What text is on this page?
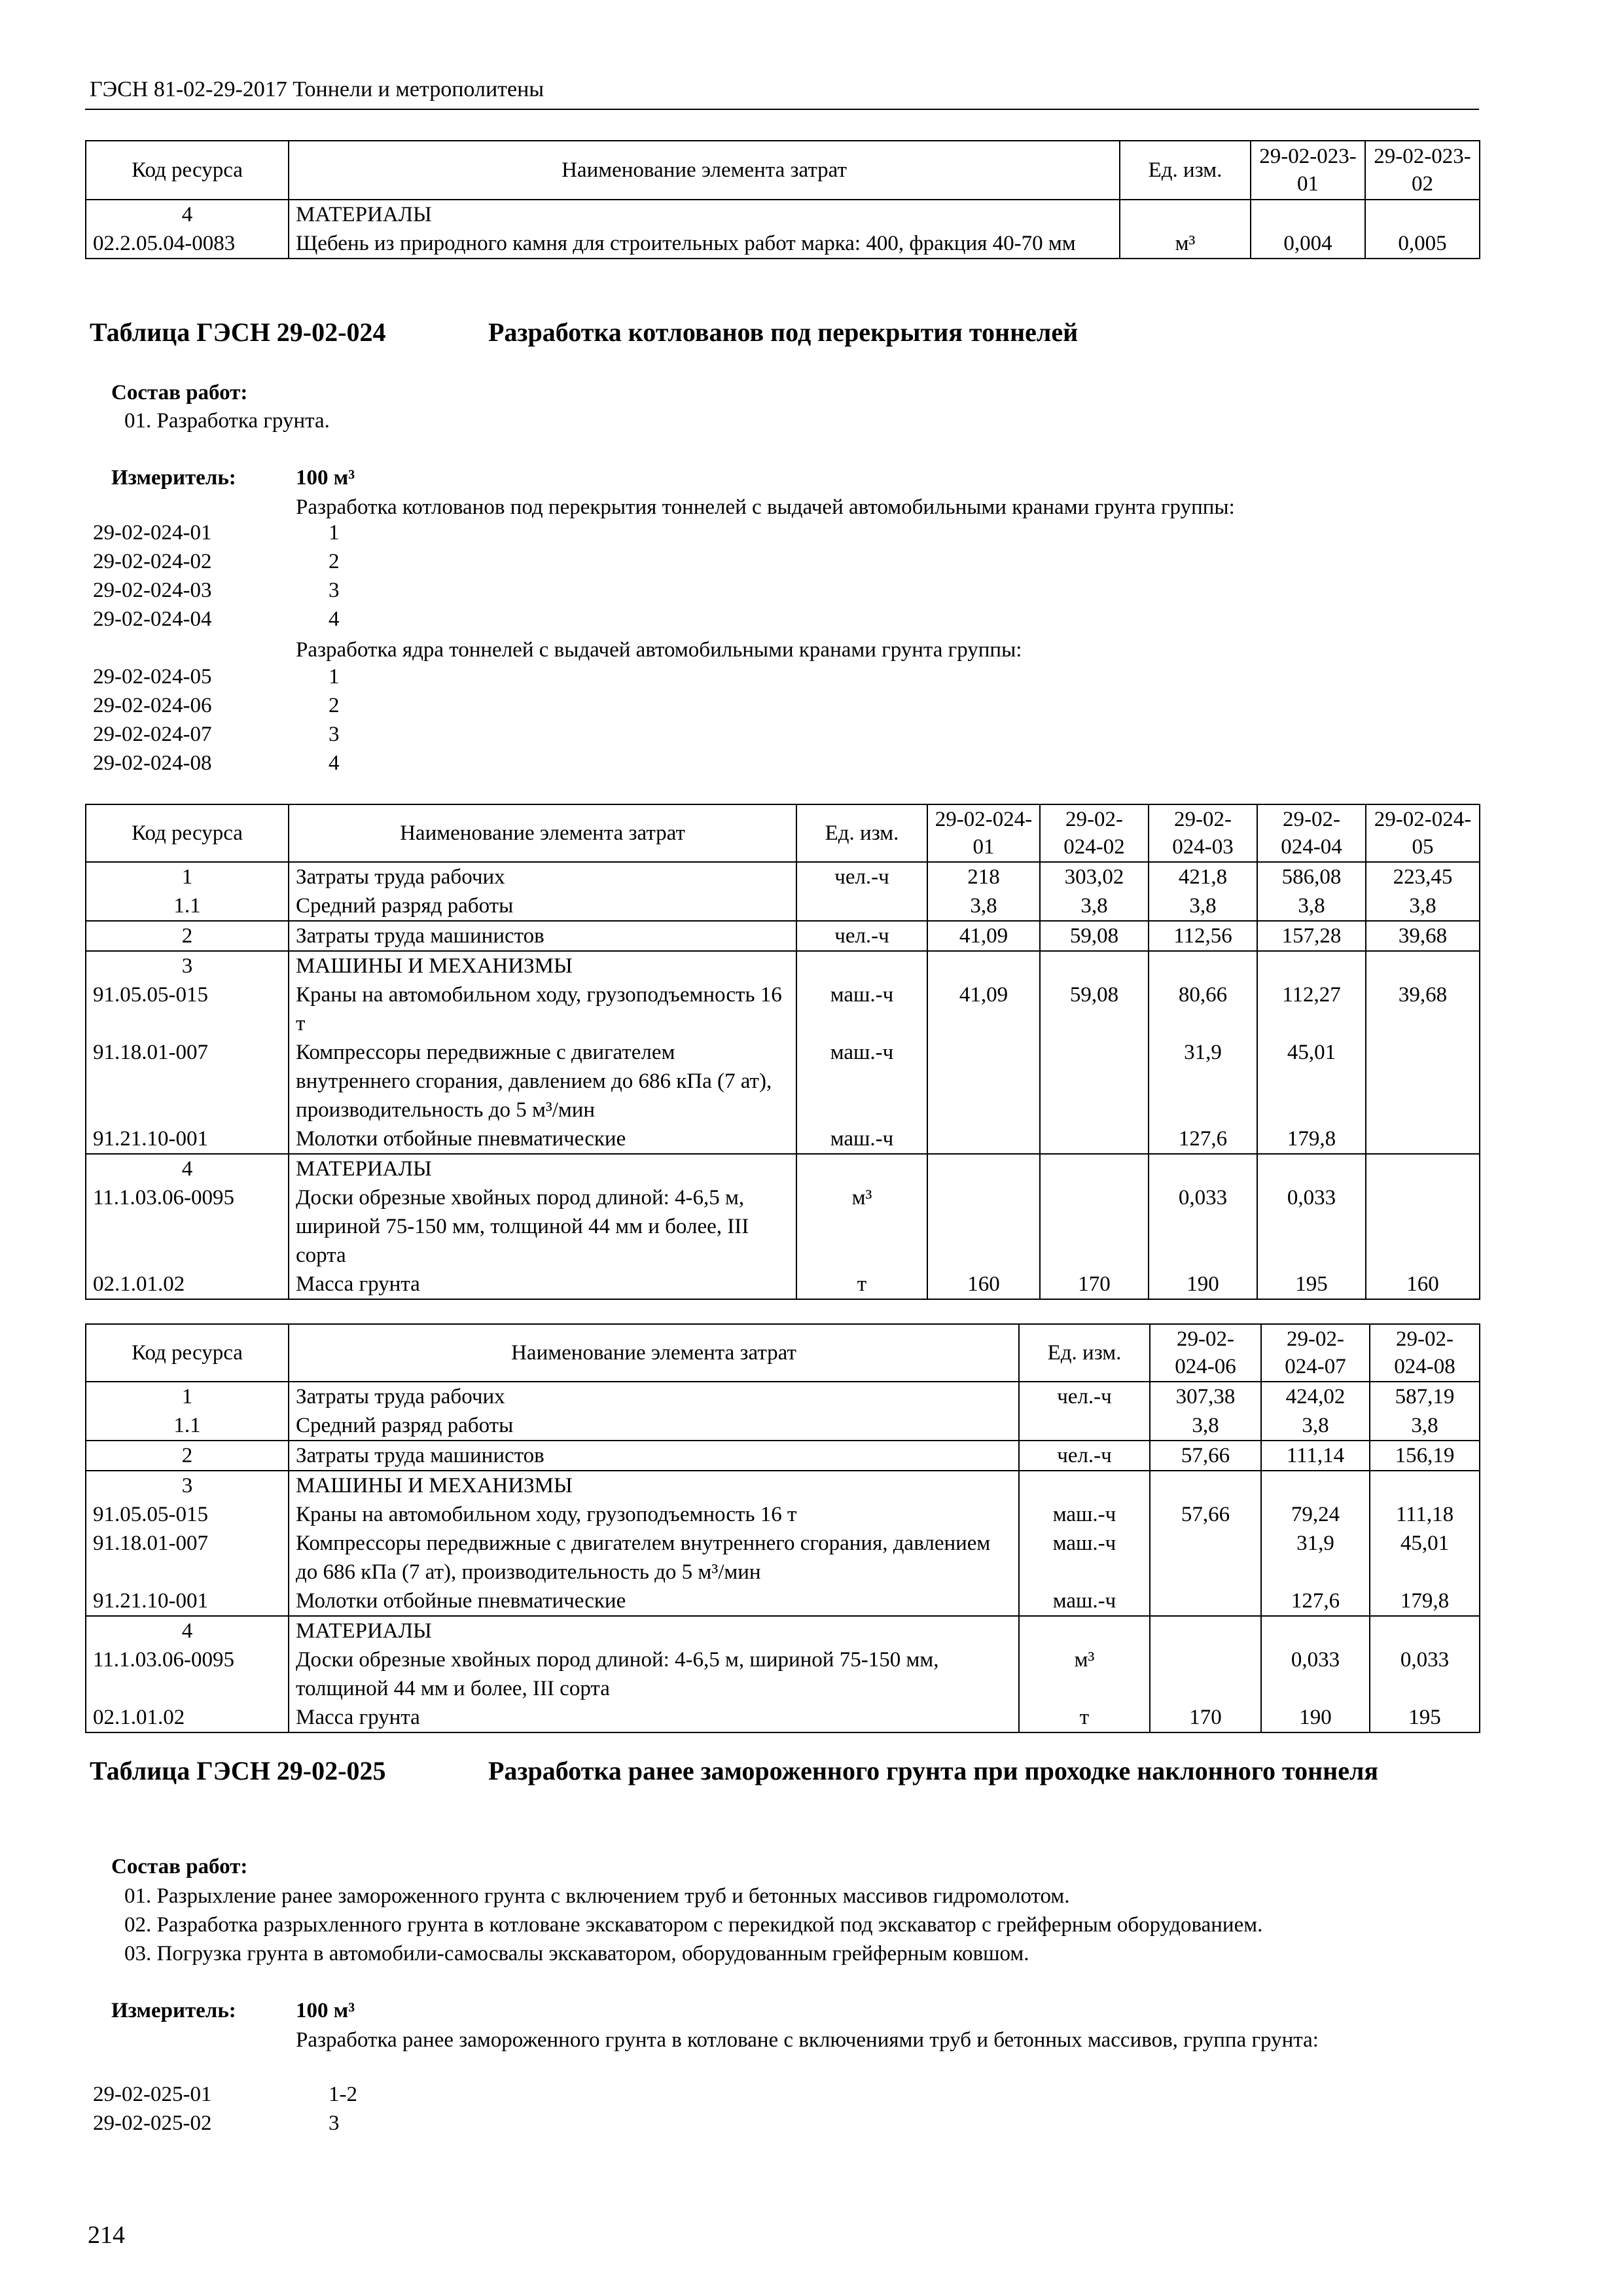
ГЭСН 81-02-29-2017 Тоннели и метрополитены
Код ресурса	Наименование элемента затрат	Ед. изм.	29-02-023-01	29-02-023-02
4	МАТЕРИАЛЫ			
02.2.05.04-0083	Щебень из природного камня для строительных работ марка: 400, фракция 40-70 мм	м³	0,004	0,005
Таблица ГЭСН 29-02-024	Разработка котлованов под перекрытия тоннелей
Состав работ:
01. Разработка грунта.
Измеритель:	100 м³
Разработка котлованов под перекрытия тоннелей с выдачей автомобильными кранами грунта группы:
29-02-024-01	1
29-02-024-02	2
29-02-024-03	3
29-02-024-04	4
Разработка ядра тоннелей с выдачей автомобильными кранами грунта группы:
29-02-024-05	1
29-02-024-06	2
29-02-024-07	3
29-02-024-08	4
Код ресурса	Наименование элемента затрат	Ед. изм.	29-02-024-01	29-02-024-02	29-02-024-03	29-02-024-04	29-02-024-05
1	Затраты труда рабочих	чел.-ч	218	303,02	421,8	586,08	223,45
1.1	Средний разряд работы		3,8	3,8	3,8	3,8	3,8
2	Затраты труда машинистов	чел.-ч	41,09	59,08	112,56	157,28	39,68
3	МАШИНЫ И МЕХАНИЗМЫ						
91.05.05-015	Краны на автомобильном ходу, грузоподъемность 16 т	маш.-ч	41,09	59,08	80,66	112,27	39,68
91.18.01-007	Компрессоры передвижные с двигателем внутреннего сгорания, давлением до 686 кПа (7 ат), производительность до 5 м³/мин	маш.-ч			31,9	45,01	
91.21.10-001	Молотки отбойные пневматические	маш.-ч			127,6	179,8	
4	МАТЕРИАЛЫ						
11.1.03.06-0095	Доски обрезные хвойных пород длиной: 4-6,5 м, шириной 75-150 мм, толщиной 44 мм и более, III сорта	м³			0,033	0,033	
02.1.01.02	Масса грунта	т	160	170	190	195	160
Код ресурса	Наименование элемента затрат	Ед. изм.	29-02-024-06	29-02-024-07	29-02-024-08
1	Затраты труда рабочих	чел.-ч	307,38	424,02	587,19
1.1	Средний разряд работы		3,8	3,8	3,8
2	Затраты труда машинистов	чел.-ч	57,66	111,14	156,19
3	МАШИНЫ И МЕХАНИЗМЫ				
91.05.05-015	Краны на автомобильном ходу, грузоподъемность 16 т	маш.-ч	57,66	79,24	111,18
91.18.01-007	Компрессоры передвижные с двигателем внутреннего сгорания, давлением до 686 кПа (7 ат), производительность до 5 м³/мин	маш.-ч		31,9	45,01
91.21.10-001	Молотки отбойные пневматические	маш.-ч		127,6	179,8
4	МАТЕРИАЛЫ				
11.1.03.06-0095	Доски обрезные хвойных пород длиной: 4-6,5 м, шириной 75-150 мм, толщиной 44 мм и более, III сорта	м³		0,033	0,033
02.1.01.02	Масса грунта	т	170	190	195
Таблица ГЭСН 29-02-025	Разработка ранее замороженного грунта при проходке наклонного тоннеля
Состав работ:
01. Разрыхление ранее замороженного грунта с включением труб и бетонных массивов гидромолотом.
02. Разработка разрыхленного грунта в котловане экскаватором с перекидкой под экскаватор с грейферным оборудованием.
03. Погрузка грунта в автомобили-самосвалы экскаватором, оборудованным грейферным ковшом.
Измеритель:	100 м³
Разработка ранее замороженного грунта в котловане с включениями труб и бетонных массивов, группа грунта:
29-02-025-01	1-2
29-02-025-02	3
214
